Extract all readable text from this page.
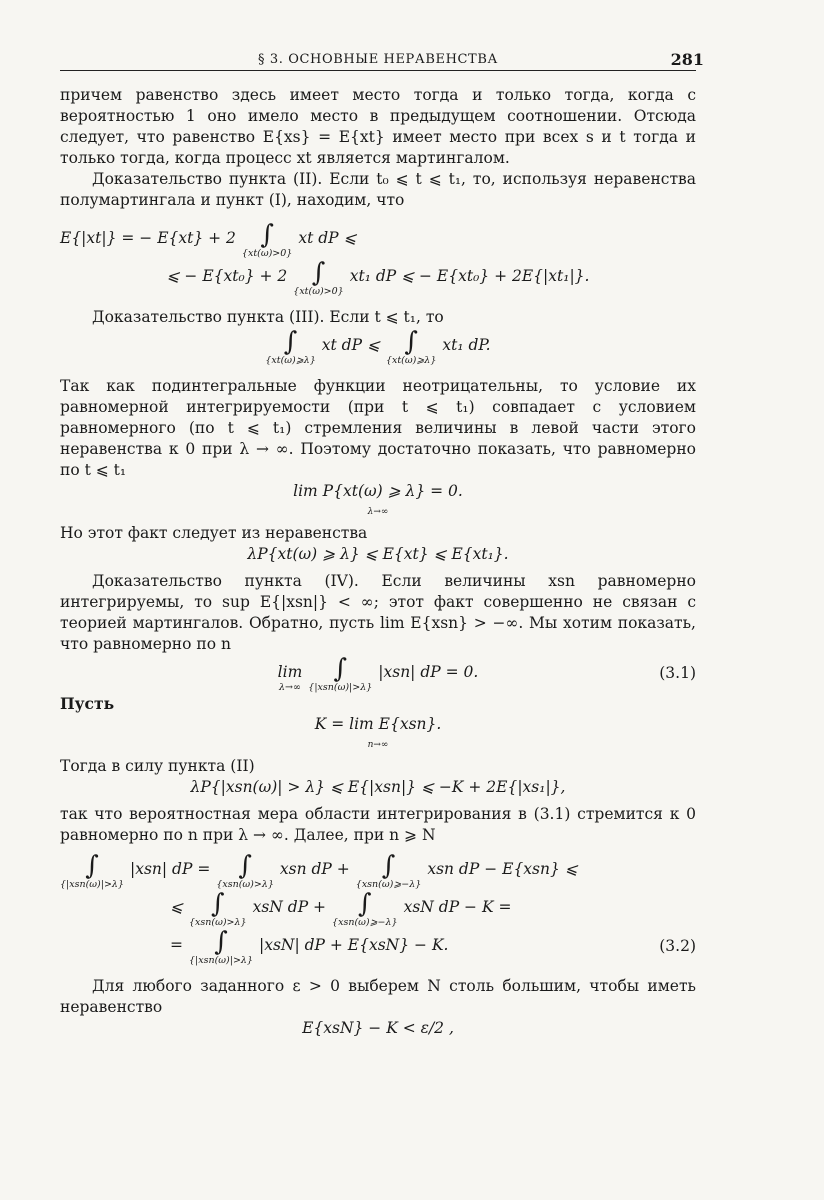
§ 3. ОСНОВНЫЕ НЕРАВЕНСТВА	281

причем равенство здесь имеет место тогда и только тогда, когда с вероятностью 1 оно имело место в предыдущем соотношении. Отсюда следует, что равенство E{xs} = E{xt} имеет место при всех s и t тогда и только тогда, когда процесс xt является мартингалом.

Доказательство пункта (II). Если t₀ ⩽ t ⩽ t₁, то, используя неравенства полумартингала и пункт (I), находим, что

E{|xt|} = − E{xt} + 2 ∫
{xt(ω)>0}
xt dP ⩽
⩽ − E{xt₀} + 2 ∫
{xt(ω)>0}
xt₁ dP ⩽ − E{xt₀} + 2E{|xt₁|}.

Доказательство пункта (III). Если t ⩽ t₁, то

∫
{xt(ω)⩾λ}
xt dP ⩽ ∫
{xt(ω)⩾λ}
xt₁ dP.

Так как подинтегральные функции неотрицательны, то условие их равномерной интегрируемости (при t ⩽ t₁) совпадает с условием равномерного (по t ⩽ t₁) стремления величины в левой части этого неравенства к 0 при λ → ∞. Поэтому достаточно показать, что равномерно по t ⩽ t₁

lim P{xt(ω) ⩾ λ} = 0.
λ→∞

Но этот факт следует из неравенства

λP{xt(ω) ⩾ λ} ⩽ E{xt} ⩽ E{xt₁}.

Доказательство пункта (IV). Если величины xsn равномерно интегрируемы, то sup E{|xsn|} < ∞; этот факт совершенно не связан с теорией мартингалов. Обратно, пусть lim E{xsn} > −∞. Мы хотим показать, что равномерно по n

lim
λ→∞
∫
{|xsn(ω)|>λ}
|xsn| dP = 0.	(3.1)

Пусть

K = lim E{xsn}.
n→∞

Тогда в силу пункта (II)

λP{|xsn(ω)| > λ} ⩽ E{|xsn|} ⩽ −K + 2E{|xs₁|},

так что вероятностная мера области интегрирования в (3.1) стремится к 0 равномерно по n при λ → ∞. Далее, при n ⩾ N

∫
{|xsn(ω)|>λ}
|xsn| dP =	∫
{xsn(ω)>λ}
xsn dP +	∫
{xsn(ω)⩾−λ}
xsn dP − E{xsn} ⩽
⩽	∫
{xsn(ω)>λ}
xsN dP +	∫
{xsn(ω)⩾−λ}
xsN dP − K =
=	∫
{|xsn(ω)|>λ}
|xsN| dP + E{xsN} − K.	(3.2)

Для любого заданного ε > 0 выберем N столь большим, чтобы иметь неравенство

E{xsN} − K < ε/2 ,
